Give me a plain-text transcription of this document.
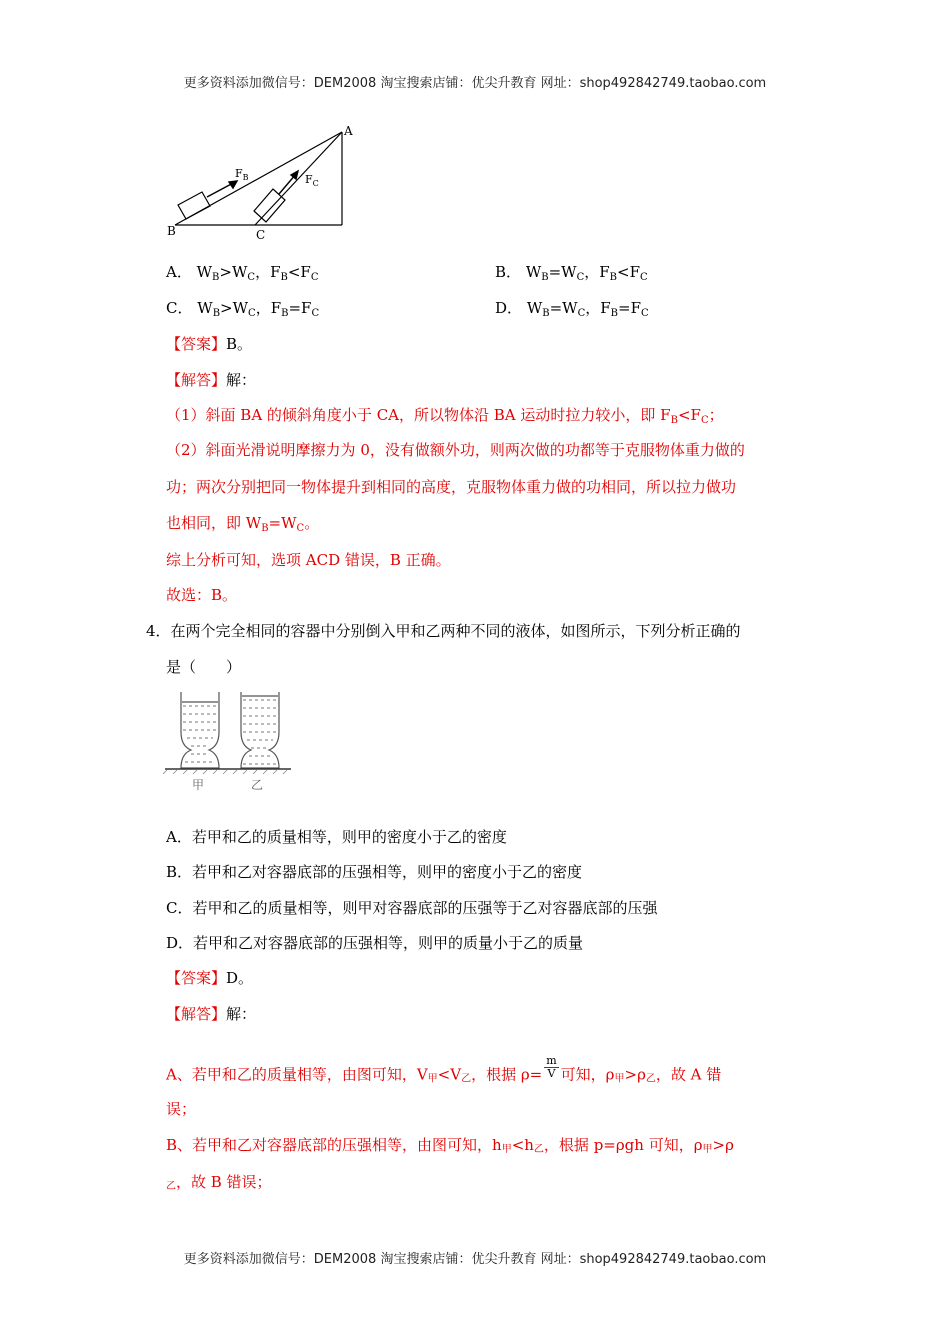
更多资料添加微信号：DEM2008 淘宝搜索店铺：优尖升教育 网址：shop492842749.taobao.com
A
B	C
$F_B$	$F_C$
A． $W_B>W_C$，$F_B<F_C$	B． $W_B=W_C$，$F_B<F_C$
C． $W_B>W_C$，$F_B=F_C$	D． $W_B=W_C$，$F_B=F_C$
【答案】B。
【解答】解：
（1）斜面 BA 的倾斜角度小于 CA，所以物体沿 BA 运动时拉力较小，即 $F_B<F_C$；
（2）斜面光滑说明摩擦力为 0，没有做额外功，则两次做的功都等于克服物体重力做的
功；两次分别把同一物体提升到相同的高度，克服物体重力做的功相同，所以拉力做功
也相同，即 $W_B=W_C$。
综上分析可知，选项 ACD 错误，B 正确。
故选：B。
4．在两个完全相同的容器中分别倒入甲和乙两种不同的液体，如图所示，下列分析正确的
是（　　）
甲	乙
A．若甲和乙的质量相等，则甲的密度小于乙的密度
B．若甲和乙对容器底部的压强相等，则甲的密度小于乙的密度
C．若甲和乙的质量相等，则甲对容器底部的压强等于乙对容器底部的压强
D．若甲和乙对容器底部的压强相等，则甲的质量小于乙的质量
【答案】D。
【解答】解：
A、若甲和乙的质量相等，由图可知，V甲<V乙，根据 $\rho= \frac{m}{V}$ 可知，ρ甲>ρ乙，故 A 错
误；
B、若甲和乙对容器底部的压强相等，由图可知，h甲<h乙，根据 p=ρgh 可知，ρ甲>ρ
乙，故 B 错误；
更多资料添加微信号：DEM2008 淘宝搜索店铺：优尖升教育 网址：shop492842749.taobao.com
